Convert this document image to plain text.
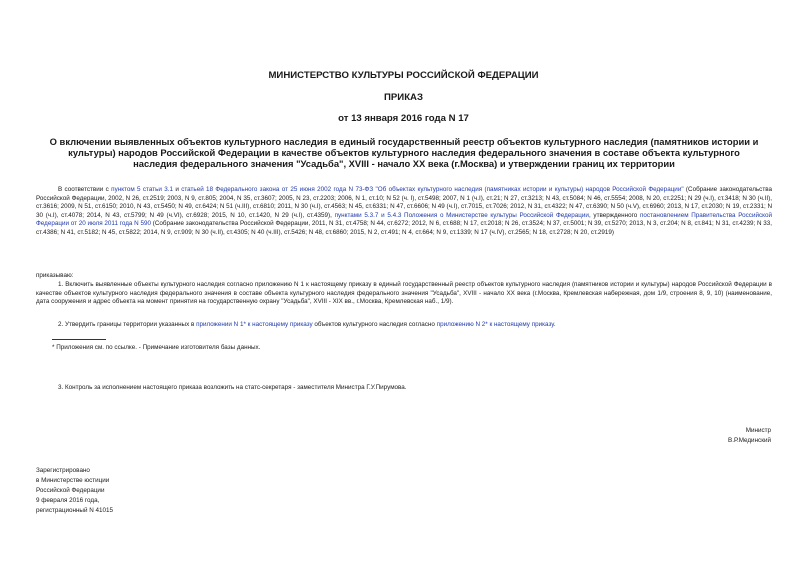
МИНИСТЕРСТВО КУЛЬТУРЫ РОССИЙСКОЙ ФЕДЕРАЦИИ
ПРИКАЗ
от 13 января 2016 года N 17
О включении выявленных объектов культурного наследия в единый государственный реестр объектов культурного наследия (памятников истории и культуры) народов Российской Федерации в качестве объектов культурного наследия федерального значения в составе объекта культурного наследия федерального значения "Усадьба", XVIII - начало XX века (г.Москва) и утверждении границ их территории
В соответствии с пунктом 5 статьи 3.1 и статьей 18 Федерального закона от 25 июня 2002 года N 73-ФЗ "Об объектах культурного наследия (памятниках истории и культуры) народов Российской Федерации" (Собрание законодательства Российской Федерации, 2002, N 26, ст.2519; 2003, N 9, ст.805; 2004, N 35, ст.3607; 2005, N 23, ст.2203; 2006, N 1, ст.10; N 52 (ч. I), ст.5498; 2007, N 1 (ч.I), ст.21; N 27, ст.3213; N 43, ст.5084; N 46, ст.5554; 2008, N 20, ст.2251; N 29 (ч.I), ст.3418; N 30 (ч.II), ст.3616; 2009, N 51, ст.6150; 2010, N 43, ст.5450; N 49, ст.6424; N 51 (ч.III), ст.6810; 2011, N 30 (ч.I), ст.4563; N 45, ст.6331; N 47, ст.6606; N 49 (ч.I), ст.7015, ст.7026; 2012, N 31, ст.4322; N 47, ст.6390; N 50 (ч.V), ст.6960; 2013, N 17, ст.2030; N 19, ст.2331; N 30 (ч.I), ст.4078; 2014, N 43, ст.5799; N 49 (ч.VI), ст.6928; 2015, N 10, ст.1420, N 29 (ч.I), ст.4359), пунктами 5.3.7 и 5.4.3 Положения о Министерстве культуры Российской Федерации, утвержденного постановлением Правительства Российской Федерации от 20 июля 2011 года N 590 (Собрание законодательства Российской Федерации, 2011, N 31, ст.4758; N 44, ст.6272; 2012, N 6, ст.688; N 17, ст.2018; N 26, ст.3524; N 37, ст.5001; N 39, ст.5270; 2013, N 3, ст.204; N 8, ст.841; N 31, ст.4239; N 33, ст.4386; N 41, ст.5182; N 45, ст.5822; 2014, N 9, ст.909; N 30 (ч.II), ст.4305; N 40 (ч.III), ст.5426; N 48, ст.6860; 2015, N 2, ст.491; N 4, ст.664; N 9, ст.1339; N 17 (ч.IV), ст.2565; N 18, ст.2728; N 20, ст.2919)
приказываю:
1. Включить выявленные объекты культурного наследия согласно приложению N 1 к настоящему приказу в единый государственный реестр объектов культурного наследия (памятников истории и культуры) народов Российской Федерации в качестве объектов культурного наследия федерального значения в составе объекта культурного наследия федерального значения "Усадьба", XVIII - начало XX века (г.Москва, Кремлевская набережная, дом 1/9, строения 8, 9, 10) (наименование, дата сооружения и адрес объекта на момент принятия на государственную охрану "Усадьба", XVIII - XIX вв., г.Москва, Кремлевская наб., 1/9).
2. Утвердить границы территории указанных в приложении N 1* к настоящему приказу объектов культурного наследия согласно приложению N 2* к настоящему приказу.
* Приложения см. по ссылке. - Примечание изготовителя базы данных.
3. Контроль за исполнением настоящего приказа возложить на статс-секретаря - заместителя Министра Г.У.Пирумова.
Министр
В.Р.Мединский
Зарегистрировано
в Министерстве юстиции
Российской Федерации
9 февраля 2016 года,
регистрационный N 41015
